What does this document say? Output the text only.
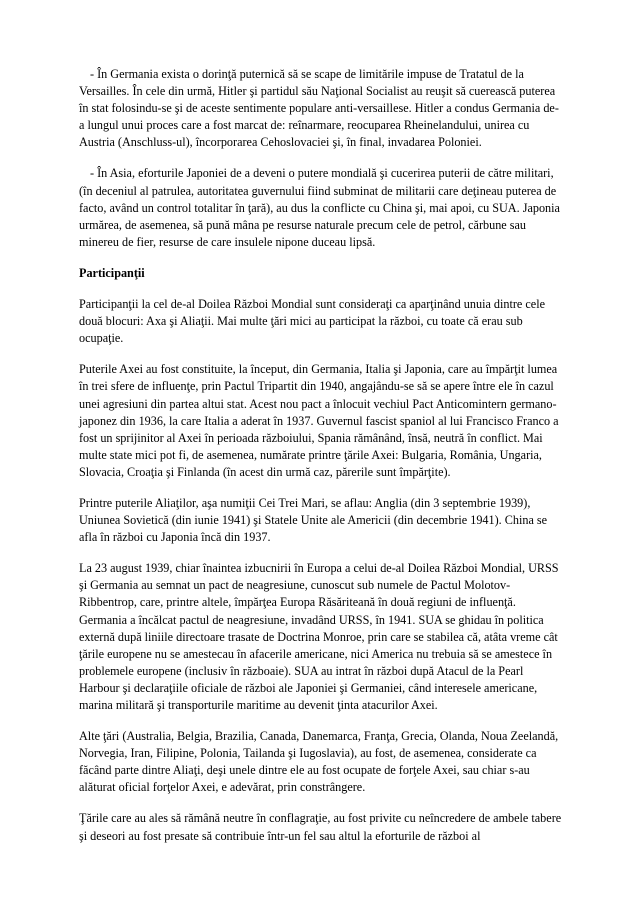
- În Germania exista o dorinţă puternică să se scape de limitările impuse de Tratatul de la Versailles. În cele din urmă, Hitler şi partidul său Naţional Socialist au reuşit să cuerească puterea în stat folosindu-se şi de aceste sentimente populare anti-versaillese. Hitler a condus Germania de-a lungul unui proces care a fost marcat de: reînarmare, reocuparea Rheinelandului, unirea cu Austria (Anschluss-ul), încorporarea Cehoslovaciei şi, în final, invadarea Poloniei.

- În Asia, eforturile Japoniei de a deveni o putere mondială şi cucerirea puterii de către militari, (în deceniul al patrulea, autoritatea guvernului fiind subminat de militarii care deţineau puterea de facto, având un control totalitar în ţară), au dus la conflicte cu China şi, mai apoi, cu SUA. Japonia urmărea, de asemenea, să pună mâna pe resurse naturale precum cele de petrol, cărbune sau minereu de fier, resurse de care insulele nipone duceau lipsă.

Participanţii

Participanţii la cel de-al Doilea Război Mondial sunt consideraţi ca aparţinând unuia dintre cele două blocuri: Axa şi Aliaţii. Mai multe ţări mici au participat la război, cu toate că erau sub ocupaţie.

Puterile Axei au fost constituite, la început, din Germania, Italia şi Japonia, care au împărţit lumea în trei sfere de influenţe, prin Pactul Tripartit din 1940, angajându-se să se apere între ele în cazul unei agresiuni din partea altui stat. Acest nou pact a înlocuit vechiul Pact Anticomintern germano-japonez din 1936, la care Italia a aderat în 1937. Guvernul fascist spaniol al lui Francisco Franco a fost un sprijinitor al Axei în perioada războiului, Spania rămânând, însă, neutră în conflict. Mai multe state mici pot fi, de asemenea, numărate printre ţările Axei: Bulgaria, România, Ungaria, Slovacia, Croaţia şi Finlanda (în acest din urmă caz, părerile sunt împărţite).

Printre puterile Aliaţilor, aşa numiţii Cei Trei Mari, se aflau: Anglia (din 3 septembrie 1939), Uniunea Sovietică (din iunie 1941) şi Statele Unite ale Americii (din decembrie 1941). China se afla în război cu Japonia încă din 1937.

La 23 august 1939, chiar înaintea izbucnirii în Europa a celui de-al Doilea Război Mondial, URSS şi Germania au semnat un pact de neagresiune, cunoscut sub numele de Pactul Molotov-Ribbentrop, care, printre altele, împărţea Europa Răsăriteană în două regiuni de influenţă. Germania a încălcat pactul de neagresiune, invadând URSS, în 1941. SUA se ghidau în politica externă după liniile directoare trasate de Doctrina Monroe, prin care se stabilea că, atâta vreme cât ţările europene nu se amestecau în afacerile americane, nici America nu trebuia să se amestece în problemele europene (inclusiv în războaie). SUA au intrat în război după Atacul de la Pearl Harbour şi declaraţiile oficiale de război ale Japoniei şi Germaniei, când interesele americane, marina militară şi transporturile maritime au devenit ţinta atacurilor Axei.

Alte ţări (Australia, Belgia, Brazilia, Canada, Danemarca, Franţa, Grecia, Olanda, Noua Zeelandă, Norvegia, Iran, Filipine, Polonia, Tailanda şi Iugoslavia), au fost, de asemenea, considerate ca făcând parte dintre Aliaţi, deşi unele dintre ele au fost ocupate de forţele Axei, sau chiar s-au alăturat oficial forţelor Axei, e adevărat, prin constrângere.

Ţările care au ales să rămână neutre în conflagraţie, au fost privite cu neîncredere de ambele tabere şi deseori au fost presate să contribuie într-un fel sau altul la eforturile de război al
